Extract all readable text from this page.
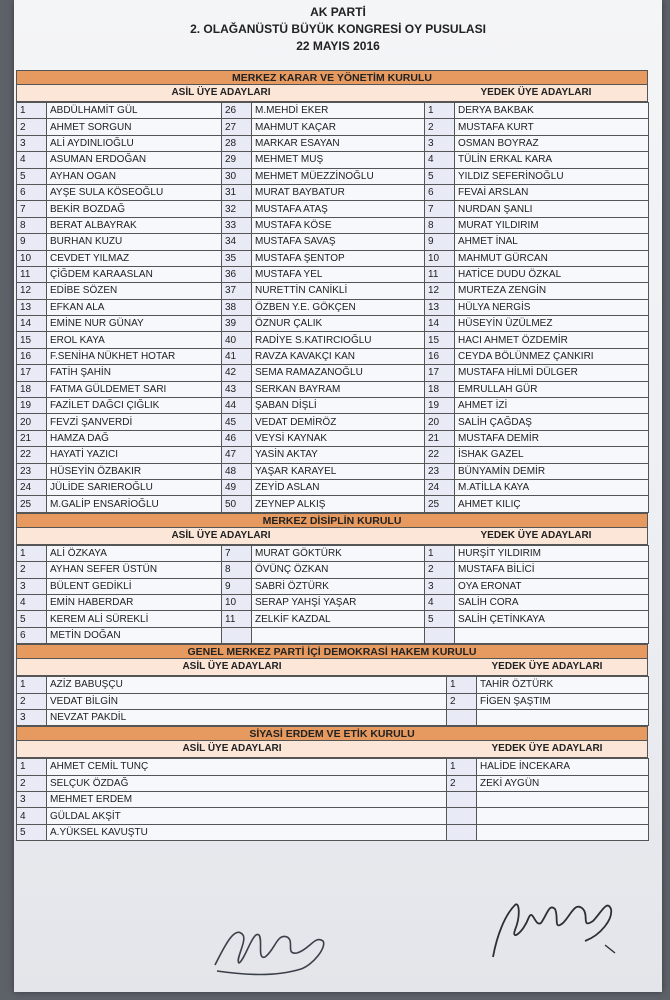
AK PARTİ
2. OLAĞANÜSTÜ BÜYÜK KONGRESİ OY PUSULASI
22 MAYIS 2016
MERKEZ KARAR VE YÖNETİM KURULU
ASİL ÜYE ADAYLARI	YEDEK ÜYE ADAYLARI
1	ABDÜLHAMİT GÜL	26	M.MEHDİ EKER	1	DERYA BAKBAK
2	AHMET SORGUN	27	MAHMUT KAÇAR	2	MUSTAFA KURT
3	ALİ AYDINLIOĞLU	28	MARKAR ESAYAN	3	OSMAN BOYRAZ
4	ASUMAN ERDOĞAN	29	MEHMET MUŞ	4	TÜLİN ERKAL KARA
5	AYHAN OGAN	30	MEHMET MÜEZZİNOĞLU	5	YILDIZ SEFERİNOĞLU
6	AYŞE SULA KÖSEOĞLU	31	MURAT BAYBATUR	6	FEVAİ ARSLAN
7	BEKİR BOZDAĞ	32	MUSTAFA ATAŞ	7	NURDAN ŞANLI
8	BERAT ALBAYRAK	33	MUSTAFA KÖSE	8	MURAT YILDIRIM
9	BURHAN KUZU	34	MUSTAFA SAVAŞ	9	AHMET İNAL
10	CEVDET YILMAZ	35	MUSTAFA ŞENTOP	10	MAHMUT GÜRCAN
11	ÇİĞDEM KARAASLAN	36	MUSTAFA YEL	11	HATİCE DUDU ÖZKAL
12	EDİBE SÖZEN	37	NURETTİN CANİKLİ	12	MURTEZA ZENGİN
13	EFKAN ALA	38	ÖZBEN Y.E. GÖKÇEN	13	HÜLYA NERGİS
14	EMİNE NUR GÜNAY	39	ÖZNUR ÇALIK	14	HÜSEYİN ÜZÜLMEZ
15	EROL KAYA	40	RADİYE S.KATIRCIOĞLU	15	HACI AHMET ÖZDEMİR
16	F.SENİHA NÜKHET HOTAR	41	RAVZA KAVAKÇI KAN	16	CEYDA BÖLÜNMEZ ÇANKIRI
17	FATİH ŞAHİN	42	SEMA RAMAZANOĞLU	17	MUSTAFA HİLMİ DÜLGER
18	FATMA GÜLDEMET SARI	43	SERKAN BAYRAM	18	EMRULLAH GÜR
19	FAZİLET DAĞCI ÇIĞLIK	44	ŞABAN DİŞLİ	19	AHMET İZİ
20	FEVZİ ŞANVERDİ	45	VEDAT DEMİRÖZ	20	SALİH ÇAĞDAŞ
21	HAMZA DAĞ	46	VEYSİ KAYNAK	21	MUSTAFA DEMİR
22	HAYATİ YAZICI	47	YASİN AKTAY	22	İSHAK GAZEL
23	HÜSEYİN ÖZBAKIR	48	YAŞAR KARAYEL	23	BÜNYAMİN DEMİR
24	JÜLİDE SARIEROĞLU	49	ZEYİD ASLAN	24	M.ATİLLA KAYA
25	M.GALİP ENSARİOĞLU	50	ZEYNEP ALKIŞ	25	AHMET KILIÇ
MERKEZ DİSİPLİN KURULU
ASİL ÜYE ADAYLARI	YEDEK ÜYE ADAYLARI
1	ALİ ÖZKAYA	7	MURAT GÖKTÜRK	1	HURŞİT YILDIRIM
2	AYHAN SEFER ÜSTÜN	8	ÖVÜNÇ ÖZKAN	2	MUSTAFA BİLİCİ
3	BÜLENT GEDİKLİ	9	SABRİ ÖZTÜRK	3	OYA ERONAT
4	EMİN HABERDAR	10	SERAP YAHŞİ YAŞAR	4	SALİH CORA
5	KEREM ALİ SÜREKLİ	11	ZELKİF KAZDAL	5	SALİH ÇETİNKAYA
6	METİN DOĞAN				
GENEL MERKEZ PARTİ İÇİ DEMOKRASİ HAKEM KURULU
ASİL ÜYE ADAYLARI	YEDEK ÜYE ADAYLARI
1	AZİZ BABUŞÇU	1	TAHİR ÖZTÜRK
2	VEDAT BİLGİN	2	FİGEN ŞAŞTIM
3	NEVZAT PAKDİL		
SİYASİ ERDEM VE ETİK KURULU
ASİL ÜYE ADAYLARI	YEDEK ÜYE ADAYLARI
1	AHMET CEMİL TUNÇ	1	HALİDE İNCEKARA
2	SELÇUK ÖZDAĞ	2	ZEKİ AYGÜN
3	MEHMET ERDEM		
4	GÜLDAL AKŞİT		
5	A.YÜKSEL KAVUŞTU		
